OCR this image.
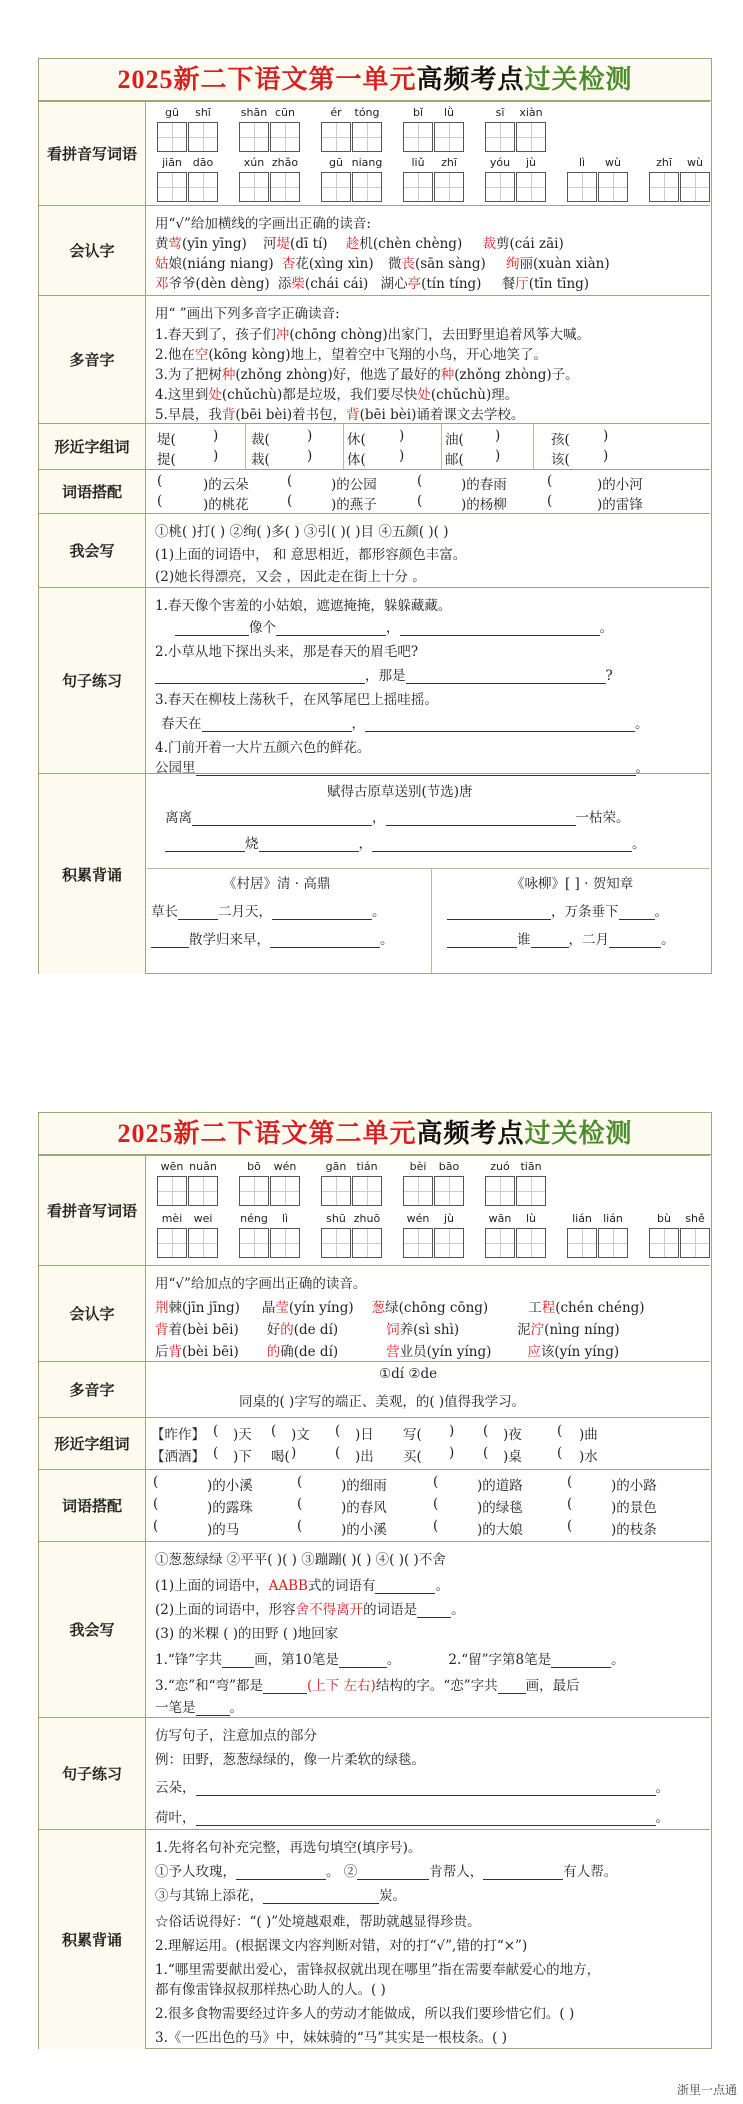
2025新二下语文第一单元高频考点过关检测
看拼音写词语
gū	shī	shān cūn	ér	tóng	bǐ	lǜ	sī	xiàn
jiān dāo	xún zhǎo	gū niang	liǔ	zhī	yóu	jù	lì	wù	zhī	wù
会认字
用“√”给加横线的字画出正确的读音:
黄莺(yīn yīng) 河堤(dī tí) 趁机(chèn chèng) 裁剪(cái zāi)
姑娘(niáng niang) 杏花(xìng xìn) 微丧(sān sàng) 绚丽(xuàn xiàn)
邓爷爷(dèn dèng) 添柴(chái cái) 湖心亭(tín tíng) 餐厅(tīn tīng)
多音字
用“ ”画出下列多音字正确读音:
1.春天到了，孩子们冲(chōng chòng)出家门，去田野里追着风筝大喊。
2.他在空(kōng kòng)地上，望着空中飞翔的小鸟，开心地笑了。
3.为了把树种(zhǒng zhòng)好，他选了最好的种(zhǒng zhòng)子。
4.这里到处(chǔchù)都是垃圾，我们要尽快处(chǔchù)理。
5.早晨，我背(bēi bèi)着书包，背(bēi bèi)诵着课文去学校。
形近字组词	堤(	) 裁(	)	休( )	油( )	孩( )
提(	) 栽(	)	体( )	邮( )	该( )
词语搭配
(	)的云朵	(	)的公园	(	)的春雨	(	)的小河
(	)的桃花	(	)的燕子	(	)的杨柳	(	)的雷锋
我会写
①桃( )打( ) ②绚( )多( ) ③引( )( )目 ④五颜( )( )
(1)上面的词语中， 和 意思相近，都形容颜色丰富。
(2)她长得漂亮，又会 ，因此走在街上十分 。
句子练习
1.春天像个害羞的小姑娘，遮遮掩掩，躲躲藏藏。
像个	，	。
2.小草从地下探出头来，那是春天的眉毛吧?
，那是	?
3.春天在柳枝上荡秋千，在风筝尾巴上摇哇摇。
春天在	，	。
4.门前开着一大片五颜六色的鲜花。
公园里	。
积累背诵
赋得古原草送别(节选)唐
离离	，	一枯荣。
烧	，	。
《村居》清 · 高鼎
草长	二月天，	。
散学归来早，	。
《咏柳》[ ] · 贺知章
，万条垂下	。
谁	，二月	。
2025新二下语文第二单元高频考点过关检测
看拼音写词语
wēn nuǎn	bō	wén	gān tián	bèi	bāo	zuó tiān
mèi	wei	néng	lì	shū zhuō	wén	jù	wān	lù	lián	lián	bù	shě
会认字
用“√”给加点的字画出正确的读音。
荆棘(jīn jīng) 晶莹(yín yíng) 葱绿(chōng cōng)	工程(chén chéng)
背着(bèi bēi) 好的(de dí)	饲养(sì shì)	泥泞(nìng níng)
后背(bèi bēi) 的确(de dí)	营业员(yín yíng)	应该(yín yíng)
多音字
①dí ②de
同桌的( )字写的端正、美观，的( )值得我学习。
形近字组词	【昨作】 ( )天 ( )文 ( )日 写( ) ( )夜	( )曲
【洒酒】 ( )下 喝( )	( )出 买( ) ( )桌	( )水
词语搭配
(	)的小溪	(	)的细雨	(	)的道路	(	)的小路
(	)的露珠	(	)的春风	(	)的绿毯	(	)的景色
(	)的马	(	)的小溪	(	)的大娘	(	)的枝条
我会写
①葱葱绿绿 ②平平( )( ) ③蹦蹦( )( ) ④( )( )不舍
(1)上面的词语中，AABB式的词语有	。
(2)上面的词语中，形容舍不得离开的词语是	。
(3) 的米粿 ( )的田野 ( )地回家
1.“锋”字共 画，第10笔是	。	2.“留”字第8笔是	。
3.“恋”和“弯”都是	(上下 左右)结构的字。“恋”字共 画，最后
一笔是	。
句子练习
仿写句子，注意加点的部分
例：田野，葱葱绿绿的，像一片柔软的绿毯。
云朵，	。
荷叶，	。
积累背诵
1.先将名句补充完整，再选句填空(填序号)。
①予人玫瑰，	。 ②	肯帮人，	有人帮。
③与其锦上添花，	炭。
☆俗话说得好：“( )”处境越艰难，帮助就越显得珍贵。
2.理解运用。(根据课文内容判断对错，对的打“√”,错的打“×”)
1.“哪里需要献出爱心，雷锋叔叔就出现在哪里”指在需要奉献爱心的地方，
都有像雷锋叔叔那样热心助人的人。( )
2.很多食物需要经过许多人的劳动才能做成，所以我们要珍惜它们。( )
3.《一匹出色的马》中，妹妹骑的“马”其实是一根枝条。( )
浙里一点通
